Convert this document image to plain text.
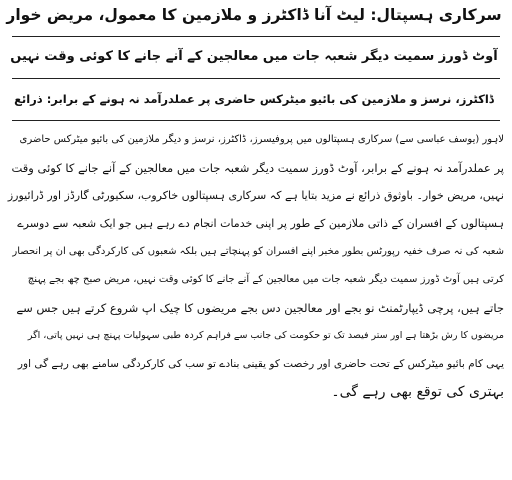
سرکاری ہسپتال: لیٹ آنا ڈاکٹرز و ملازمین کا معمول، مریض خوار
آوٹ ڈورز سمیت دیگر شعبہ جات میں معالجین کے آنے جانے کا کوئی وقت نہیں
ڈاکٹرز، نرسز و ملازمین کی بائیو میٹرکس حاضری پر عملدرآمد نہ ہونے کے برابر: ذرائع
لاہور (یوسف عباسی سے) سرکاری ہسپتالوں میں پروفیسرز، ڈاکٹرز، نرسز و دیگر ملازمین کی بائیو میٹرکس حاضری
پر عملدرآمد نہ ہونے کے برابر، آوٹ ڈورز سمیت دیگر شعبہ جات میں معالجین کے آنے جانے کا کوئی وقت
نہیں، مریض خوار۔ باوثوق ذرائع نے مزید بتایا ہے کہ سرکاری ہسپتالوں خاکروب، سکیورٹی گارڈز اور ڈرائیورز
ہسپتالوں کے افسران کے ذاتی ملازمین کے طور پر اپنی خدمات انجام دے رہے ہیں جو ایک شعبہ سے دوسرے
شعبہ کی نہ صرف خفیہ رپورٹس بطور مخبر اپنے افسران کو پہنچاتے ہیں بلکہ شعبوں کی کارکردگی بھی ان پر انحصار
کرتی ہیں آوٹ ڈورز سمیت دیگر شعبہ جات میں معالجین کے آنے جانے کا کوئی وقت نہیں، مریض صبح چھ بجے پہنچ
جاتے ہیں، پرچی ڈیپارٹمنٹ نو بجے اور معالجین دس بجے مریضوں کا چیک اپ شروع کرتے ہیں جس سے
مریضوں کا رش بڑھتا ہے اور ستر فیصد تک تو حکومت کی جانب سے فراہم کردہ طبی سہولیات پہنچ ہی نہیں پاتی، اگر
یہی کام بائیو میٹرکس کے تحت حاضری اور رخصت کو یقینی بنادے تو سب کی کارکردگی سامنے بھی رہے گی اور
بہتری کی توقع بھی رہے گی۔
